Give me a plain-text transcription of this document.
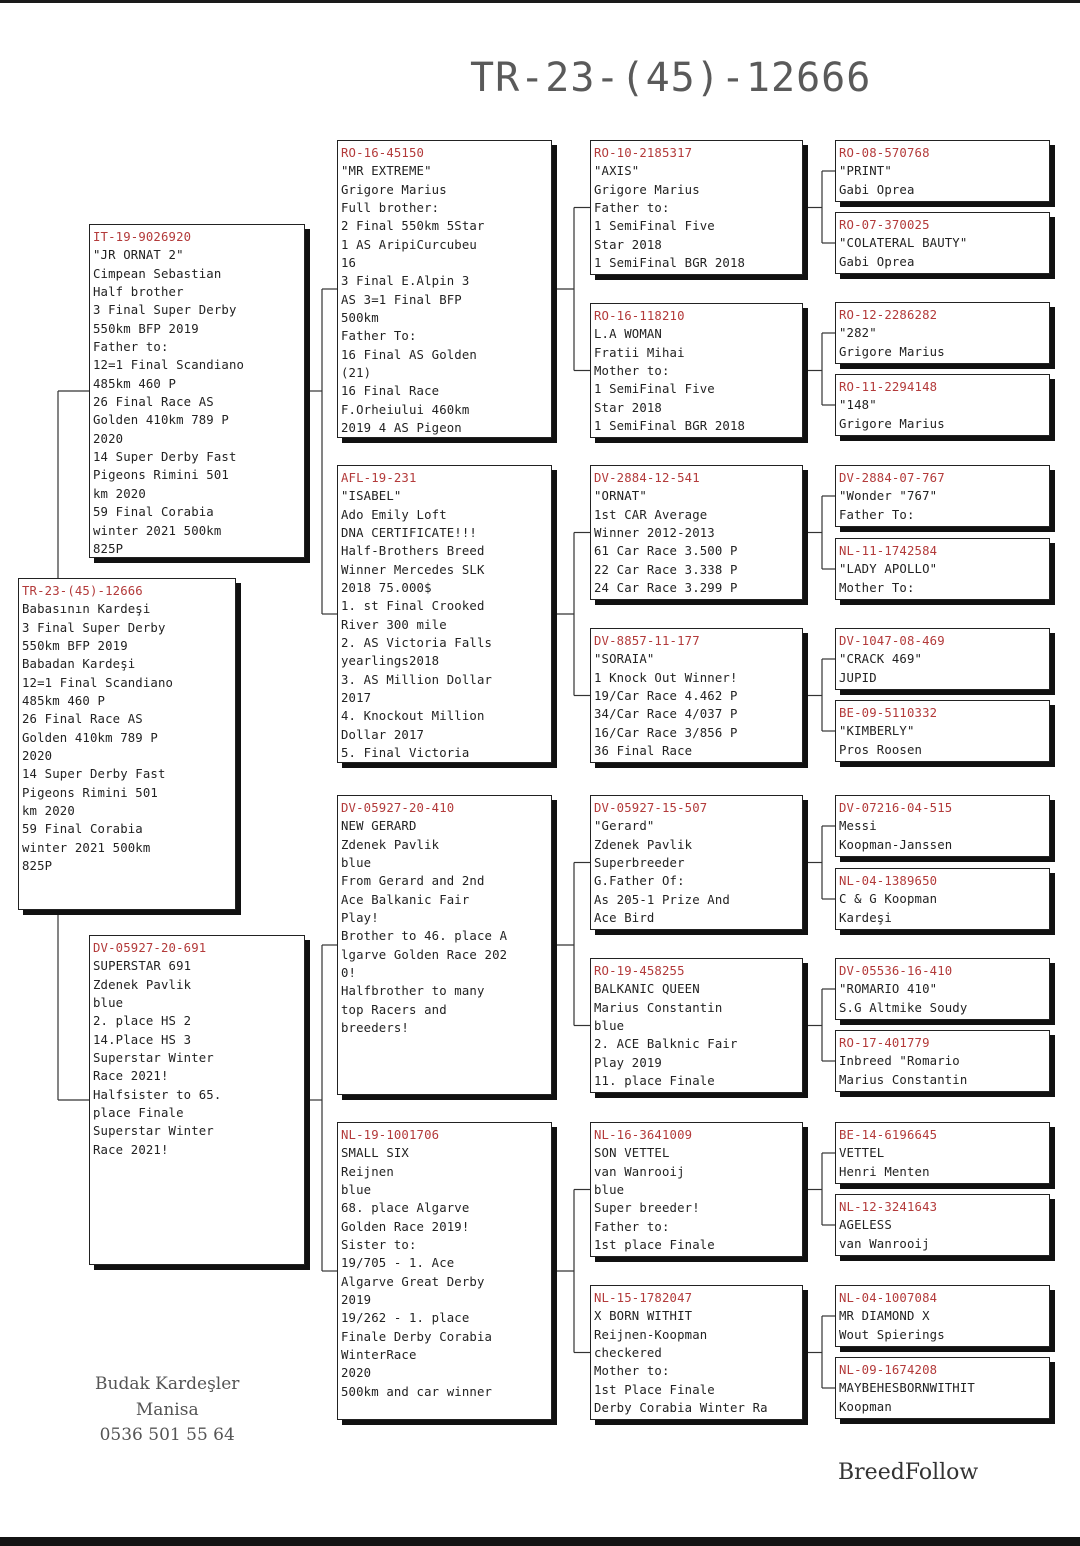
TR-23-(45)-12666
TR-23-(45)-12666
Babasının Kardeşi
3 Final Super Derby
550km BFP 2019
Babadan Kardeşi
12=1 Final Scandiano
485km 460 P
26 Final Race AS
Golden 410km 789 P
2020
14 Super Derby Fast
Pigeons Rimini 501
km 2020
59 Final Corabia
winter 2021 500km
825P
IT-19-9026920
"JR ORNAT 2"
Cimpean Sebastian
Half brother
3 Final Super Derby
550km BFP 2019
Father to:
12=1 Final Scandiano
485km 460 P
26 Final Race AS
Golden 410km 789 P
2020
14 Super Derby Fast
Pigeons Rimini 501
km 2020
59 Final Corabia
winter 2021 500km
825P
DV-05927-20-691
SUPERSTAR 691
Zdenek Pavlik
blue
2. place HS 2
14.Place HS 3
Superstar Winter
Race 2021!
Halfsister to 65.
place Finale
Superstar Winter
Race 2021!
RO-16-45150
"MR EXTREME"
Grigore Marius
Full brother:
2 Final 550km 5Star
1 AS AripiCurcubeu
16
3 Final E.Alpin 3
AS 3=1 Final BFP
500km
Father To:
16 Final AS Golden
(21)
16 Final Race
F.Orheiului 460km
2019 4 AS Pigeon
AFL-19-231
"ISABEL"
Ado Emily Loft
DNA CERTIFICATE!!!
Half-Brothers Breed
Winner Mercedes SLK
2018 75.000$
1. st Final Crooked
River 300 mile
2. AS Victoria Falls
yearlings2018
3. AS Million Dollar
2017
4. Knockout Million
Dollar 2017
5. Final Victoria
DV-05927-20-410
NEW GERARD
Zdenek Pavlik
blue
From Gerard and 2nd
Ace Balkanic Fair
Play!
Brother to 46. place A
lgarve Golden Race 202
0!
Halfbrother to many
top Racers and
breeders!
NL-19-1001706
SMALL SIX
Reijnen
blue
68. place Algarve
Golden Race 2019!
Sister to:
19/705 - 1. Ace
Algarve Great Derby
2019
19/262 - 1. place
Finale Derby Corabia
WinterRace
2020
500km and car winner
RO-10-2185317
"AXIS"
Grigore Marius
Father to:
1 SemiFinal Five
Star 2018
1 SemiFinal BGR 2018
RO-16-118210
L.A WOMAN
Fratii Mihai
Mother to:
1 SemiFinal Five
Star 2018
1 SemiFinal BGR 2018
DV-2884-12-541
"ORNAT"
1st CAR Average
Winner 2012-2013
61 Car Race 3.500 P
22 Car Race 3.338 P
24 Car Race 3.299 P
DV-8857-11-177
"SORAIA"
1 Knock Out Winner!
19/Car Race 4.462 P
34/Car Race 4/037 P
16/Car Race 3/856 P
36 Final Race
DV-05927-15-507
"Gerard"
Zdenek Pavlik
Superbreeder
G.Father Of:
As 205-1 Prize And
Ace Bird
RO-19-458255
BALKANIC QUEEN
Marius Constantin
blue
2. ACE Balknic Fair
Play 2019
11. place Finale
NL-16-3641009
SON VETTEL
van Wanrooij
blue
Super breeder!
Father to:
1st place Finale
NL-15-1782047
X BORN WITHIT
Reijnen-Koopman
checkered
Mother to:
1st Place Finale
Derby Corabia Winter Ra
RO-08-570768
"PRINT"
Gabi Oprea
RO-07-370025
"COLATERAL BAUTY"
Gabi Oprea
RO-12-2286282
"282"
Grigore Marius
RO-11-2294148
"148"
Grigore Marius
DV-2884-07-767
"Wonder "767"
Father To:
NL-11-1742584
"LADY APOLLO"
Mother To:
DV-1047-08-469
"CRACK 469"
JUPID
BE-09-5110332
"KIMBERLY"
Pros Roosen
DV-07216-04-515
Messi
Koopman-Janssen
NL-04-1389650
C & G Koopman
Kardeşi
DV-05536-16-410
"ROMARIO 410"
S.G Altmike Soudy
RO-17-401779
Inbreed "Romario
Marius Constantin
BE-14-6196645
VETTEL
Henri Menten
NL-12-3241643
AGELESS
van Wanrooij
NL-04-1007084
MR DIAMOND X
Wout Spierings
NL-09-1674208
MAYBEHESBORNWITHIT
Koopman
Budak Kardeşler
Manisa
0536 501 55 64
BreedFollow
